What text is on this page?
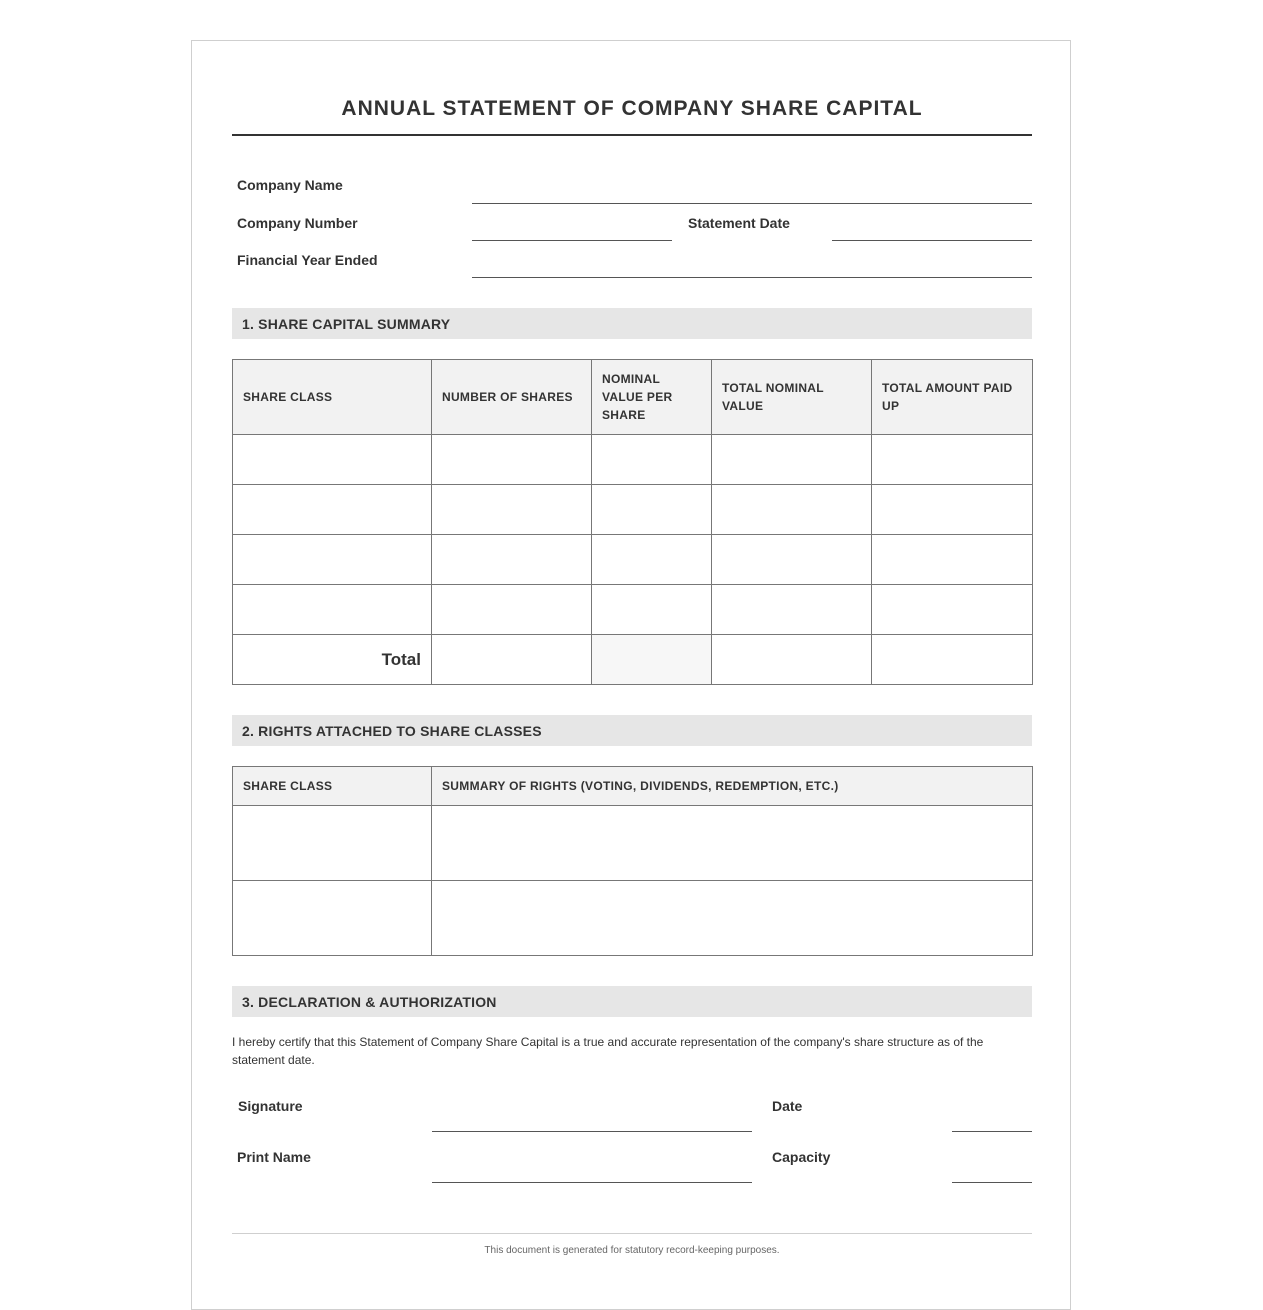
ANNUAL STATEMENT OF COMPANY SHARE CAPITAL
Company Name
Company Number	Statement Date
Financial Year Ended
1. SHARE CAPITAL SUMMARY
SHARE CLASS	NUMBER OF SHARES	NOMINAL VALUE PER SHARE	TOTAL NOMINAL VALUE	TOTAL AMOUNT PAID UP

Total				
2. RIGHTS ATTACHED TO SHARE CLASSES
SHARE CLASS	SUMMARY OF RIGHTS (VOTING, DIVIDENDS, REDEMPTION, ETC.)

3. DECLARATION & AUTHORIZATION
I hereby certify that this Statement of Company Share Capital is a true and accurate representation of the company's share structure as of the statement date.
Signature	Date
Print Name	Capacity
This document is generated for statutory record-keeping purposes.
